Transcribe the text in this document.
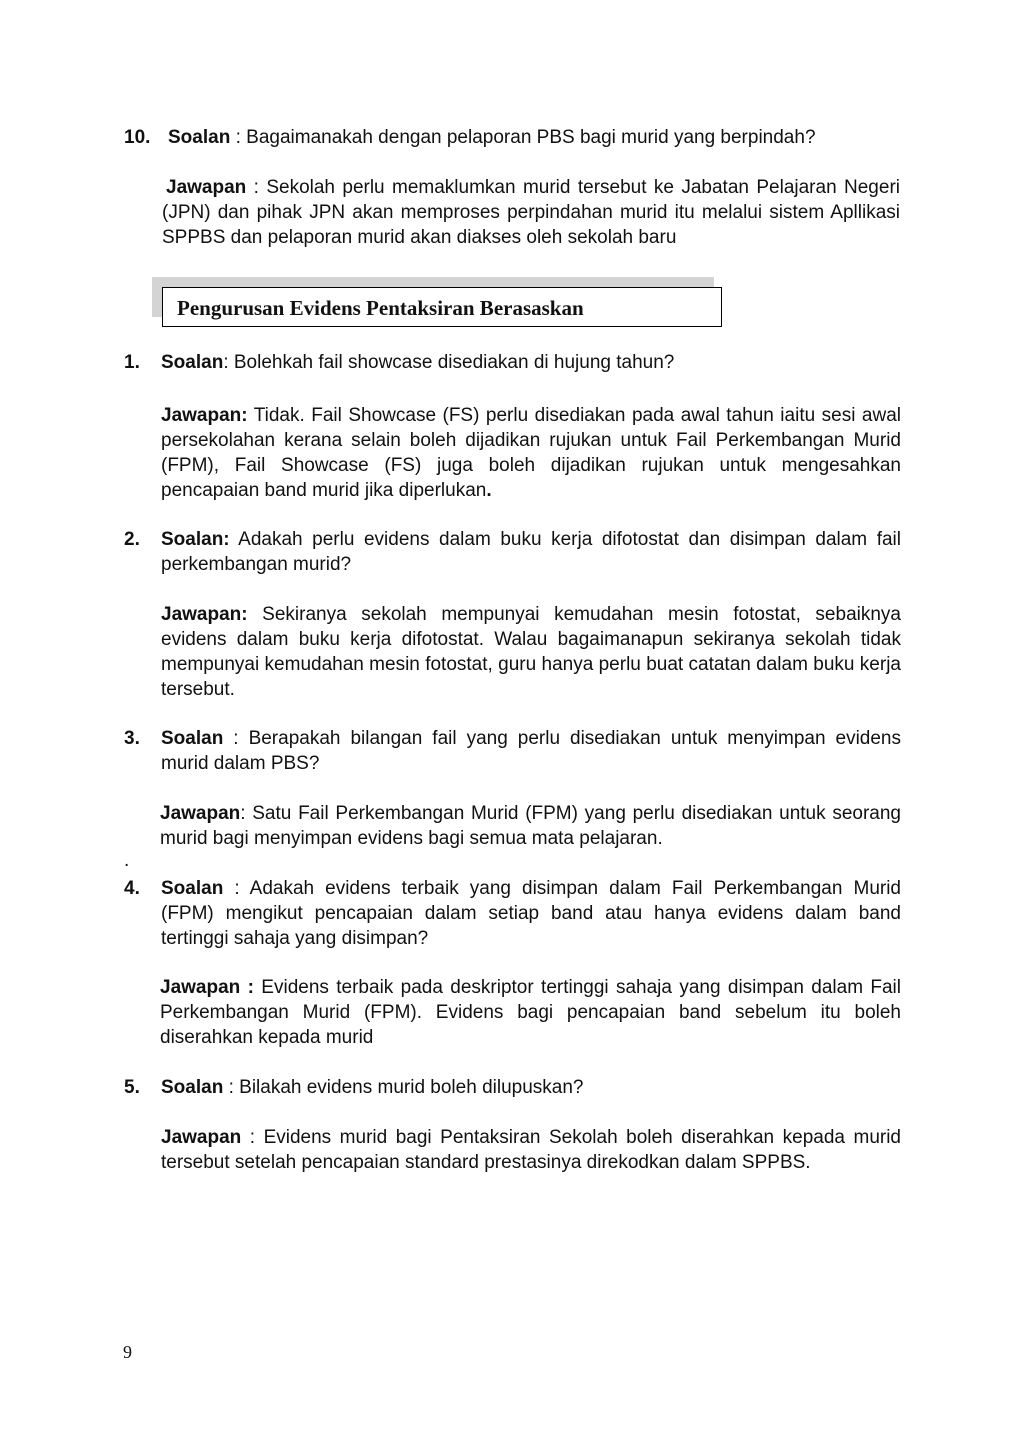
10. Soalan : Bagaimanakah dengan pelaporan PBS bagi murid yang berpindah?

Jawapan : Sekolah perlu memaklumkan murid tersebut ke Jabatan Pelajaran Negeri (JPN) dan pihak JPN akan memproses perpindahan murid itu melalui sistem Apllikasi SPPBS dan pelaporan murid akan diakses oleh sekolah baru

Pengurusan Evidens Pentaksiran Berasaskan
1. Soalan: Bolehkah fail showcase disediakan di hujung tahun?

Jawapan: Tidak. Fail Showcase (FS) perlu disediakan pada awal tahun iaitu sesi awal persekolahan kerana selain boleh dijadikan rujukan untuk Fail Perkembangan Murid (FPM), Fail Showcase (FS) juga boleh dijadikan rujukan untuk mengesahkan pencapaian band murid jika diperlukan.

2. Soalan: Adakah perlu evidens dalam buku kerja difotostat dan disimpan dalam fail perkembangan murid?

Jawapan: Sekiranya sekolah mempunyai kemudahan mesin fotostat, sebaiknya evidens dalam buku kerja difotostat. Walau bagaimanapun sekiranya sekolah tidak mempunyai kemudahan mesin fotostat, guru hanya perlu buat catatan dalam buku kerja tersebut.

3. Soalan : Berapakah bilangan fail yang perlu disediakan untuk menyimpan evidens murid dalam PBS?

Jawapan: Satu Fail Perkembangan Murid (FPM) yang perlu disediakan untuk seorang murid bagi menyimpan evidens bagi semua mata pelajaran.

.
4. Soalan : Adakah evidens terbaik yang disimpan dalam Fail Perkembangan Murid (FPM) mengikut pencapaian dalam setiap band atau hanya evidens dalam band tertinggi sahaja yang disimpan?

Jawapan : Evidens terbaik pada deskriptor tertinggi sahaja yang disimpan dalam Fail Perkembangan Murid (FPM). Evidens bagi pencapaian band sebelum itu boleh diserahkan kepada murid

5. Soalan : Bilakah evidens murid boleh dilupuskan?

Jawapan : Evidens murid bagi Pentaksiran Sekolah boleh diserahkan kepada murid tersebut setelah pencapaian standard prestasinya direkodkan dalam SPPBS.

9
